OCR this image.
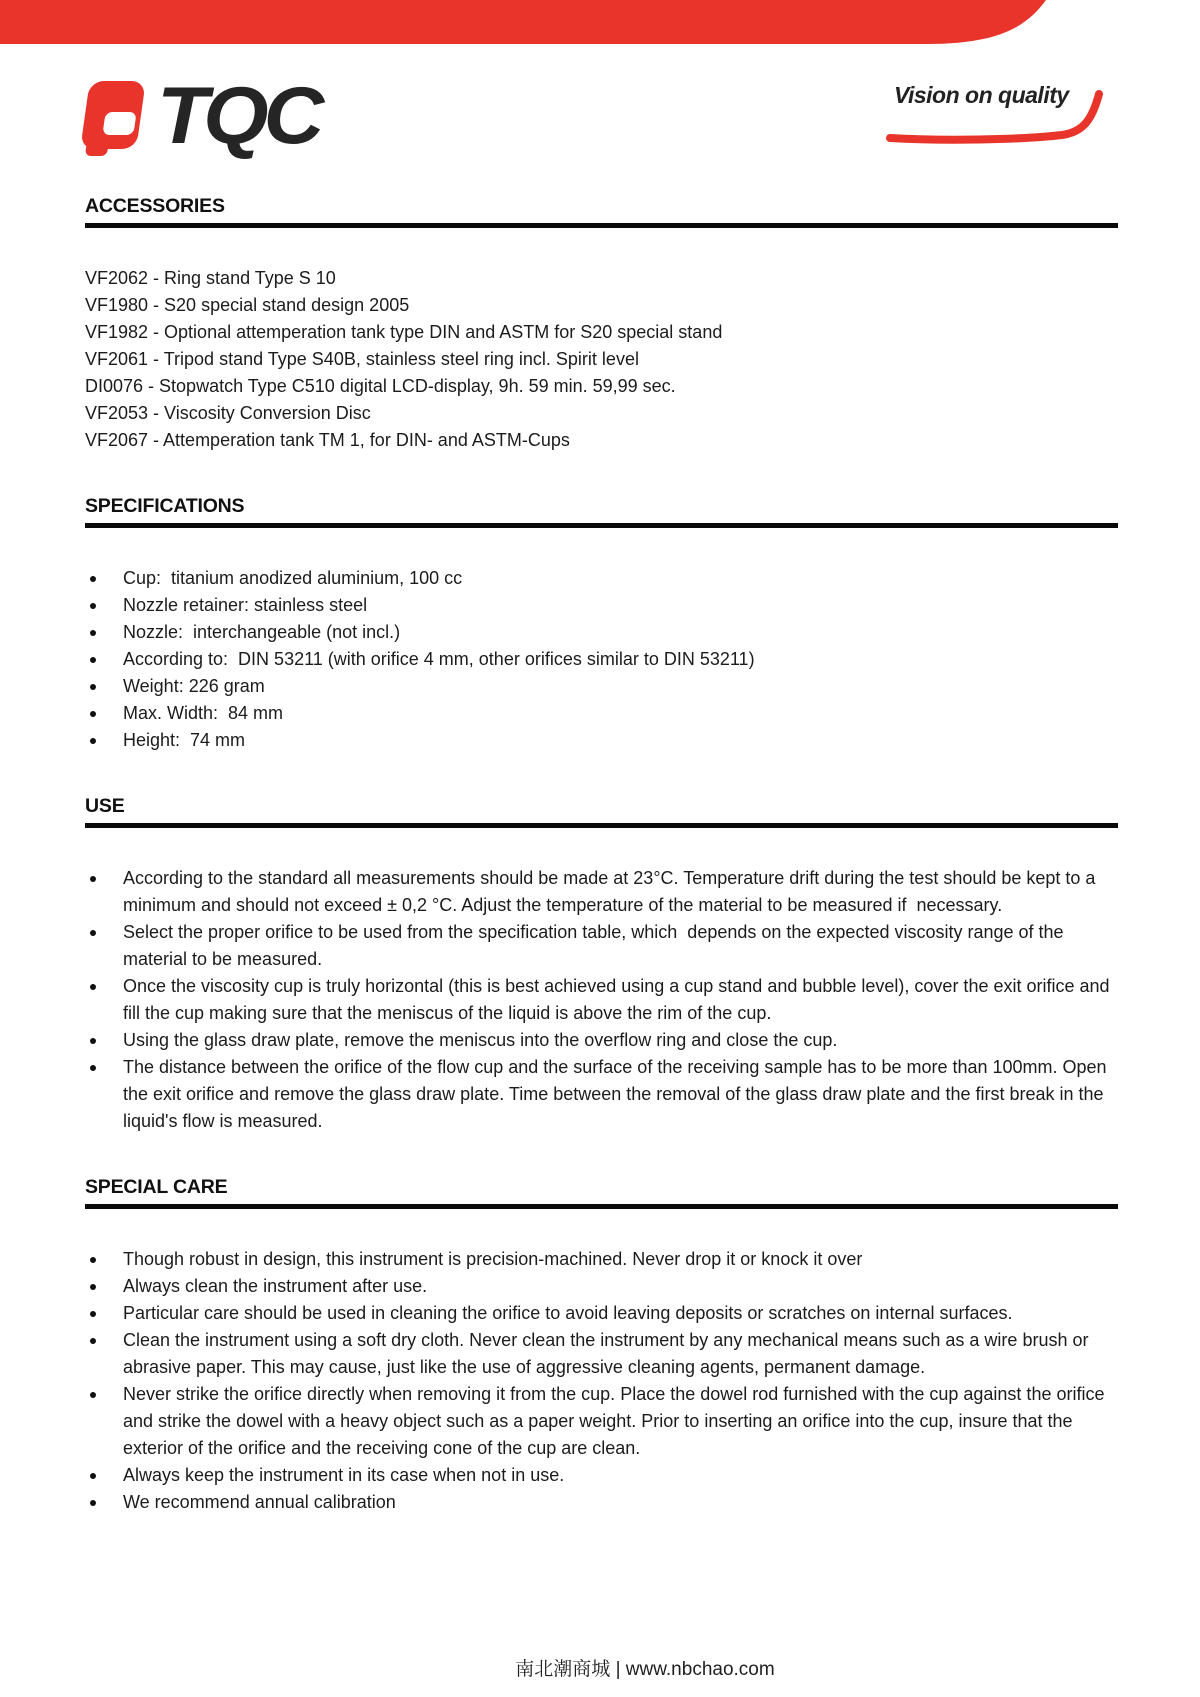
TQC	Vision on quality
ACCESSORIES
VF2062 - Ring stand Type S 10
VF1980 - S20 special stand design 2005
VF1982 - Optional attemperation tank type DIN and ASTM for S20 special stand
VF2061 - Tripod stand Type S40B, stainless steel ring incl. Spirit level
DI0076 - Stopwatch Type C510 digital LCD-display, 9h. 59 min. 59,99 sec.
VF2053 - Viscosity Conversion Disc
VF2067 - Attemperation tank TM 1, for DIN- and ASTM-Cups
SPECIFICATIONS
Cup:  titanium anodized aluminium, 100 cc
Nozzle retainer: stainless steel
Nozzle:  interchangeable (not incl.)
According to:  DIN 53211 (with orifice 4 mm, other orifices similar to DIN 53211)
Weight: 226 gram
Max. Width:  84 mm
Height:  74 mm
USE
According to the standard all measurements should be made at 23°C. Temperature drift during the test should be kept to a minimum and should not exceed ± 0,2 °C. Adjust the temperature of the material to be measured if  necessary.
Select the proper orifice to be used from the specification table, which  depends on the expected viscosity range of the material to be measured.
Once the viscosity cup is truly horizontal (this is best achieved using a cup stand and bubble level), cover the exit orifice and fill the cup making sure that the meniscus of the liquid is above the rim of the cup.
Using the glass draw plate, remove the meniscus into the overflow ring and close the cup.
The distance between the orifice of the flow cup and the surface of the receiving sample has to be more than 100mm. Open the exit orifice and remove the glass draw plate. Time between the removal of the glass draw plate and the first break in the liquid's flow is measured.
SPECIAL CARE
Though robust in design, this instrument is precision-machined. Never drop it or knock it over
Always clean the instrument after use.
Particular care should be used in cleaning the orifice to avoid leaving deposits or scratches on internal surfaces.
Clean the instrument using a soft dry cloth. Never clean the instrument by any mechanical means such as a wire brush or abrasive paper. This may cause, just like the use of aggressive cleaning agents, permanent damage.
Never strike the orifice directly when removing it from the cup. Place the dowel rod furnished with the cup against the orifice and strike the dowel with a heavy object such as a paper weight. Prior to inserting an orifice into the cup, insure that the exterior of the orifice and the receiving cone of the cup are clean.
Always keep the instrument in its case when not in use.
We recommend annual calibration
南北潮商城 | www.nbchao.com
